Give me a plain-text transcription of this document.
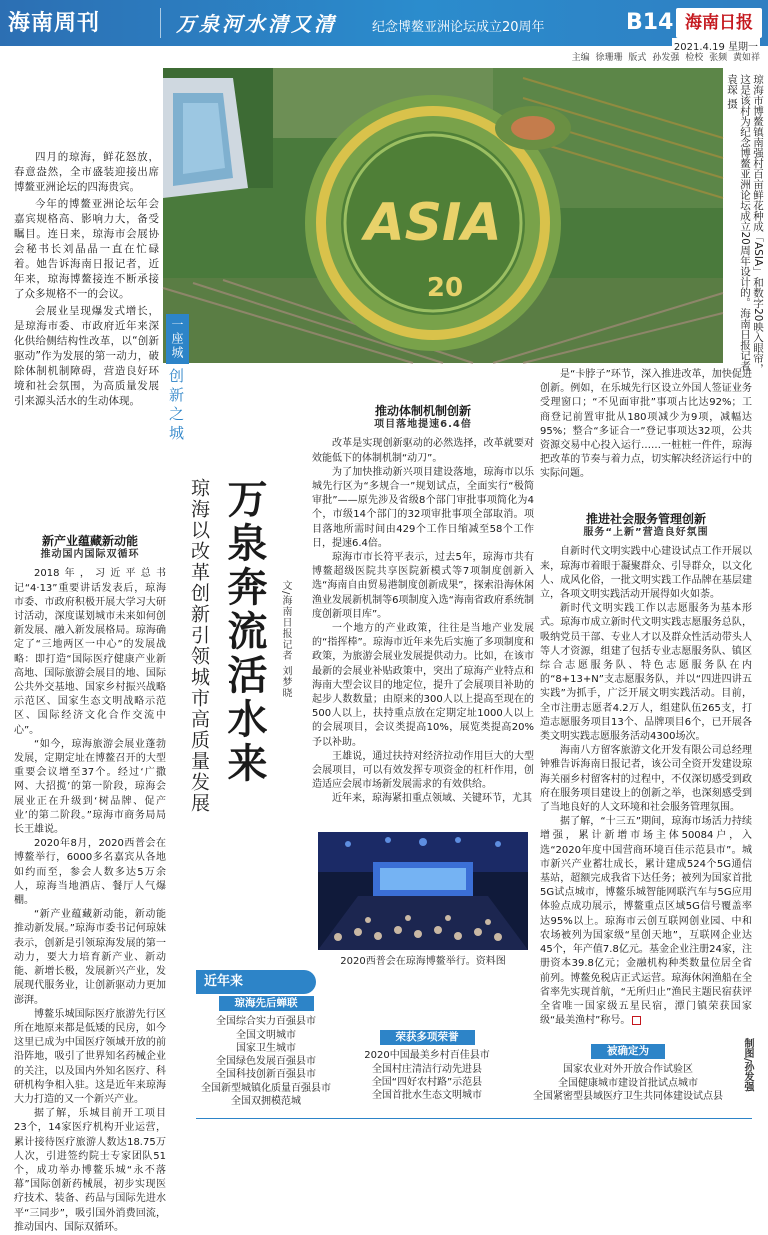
海南周刊	万泉河水清又清	纪念博鳌亚洲论坛成立20周年	B14 海南日报
2021.4.19 星期一
主编 徐珊珊 版式 孙发强 检校 张频 黄如祥
ASIA
20	琼海市博鳌镇南强村百亩鲜花种成「ASIA」和数字20映入眼帘，这是该村为纪念博鳌亚洲论坛成立20周年设计的。海南日报记者 袁琛 摄

四月的琼海，鲜花怒放，春意盎然，全市盛装迎接出席博鳌亚洲论坛的四海贵宾。

今年的博鳌亚洲论坛年会嘉宾规格高、影响力大，备受瞩目。连日来，琼海市会展协会秘书长刘晶晶一直在忙碌着。她告诉海南日报记者，近年来，琼海博鳌接连不断承接了众多规格不一的会议。

会展业呈现爆发式增长，是琼海市委、市政府近年来深化供给侧结构性改革，以“创新驱动”作为发展的第一动力，破除体制机制障碍，营造良好环境和社会氛围，为高质量发展引来源头活水的生动体现。

一座城
创新之城
万泉奔流活水来
琼海以改革创新引领城市高质量发展	文/海南日报记者 刘梦晓
新产业蕴藏新动能
推动国内国际双循环

2018年，习近平总书记“4·13”重要讲话发表后，琼海市委、市政府积极开展大学习大研讨活动，深度谋划城市未来如何创新发展、融入新发展格局。琼海确定了“三地两区一中心”的发展战略：即打造“国际医疗健康产业新高地、国际旅游会展目的地、国际公共外交基地、国家乡村振兴战略示范区、国家生态文明战略示范区、国际经济文化合作交流中心”。

“如今，琼海旅游会展业蓬勃发展，定期定址在博鳌召开的大型重要会议增至37个。经过‘广撒网、大招揽’的第一阶段，琼海会展业正在升级到‘树品牌、促产业’的第二阶段。”琼海市商务局局长王雄说。

2020年8月，2020西普会在博鳌举行，6000多名嘉宾从各地如约而至，参会人数多达5万余人，琼海当地酒店、餐厅人气爆棚。

“新产业蕴藏新动能，新动能推动新发展。”琼海市委书记何琼妹表示，创新是引领琼海发展的第一动力，要大力培育新产业、新动能、新增长极，发展新兴产业，发展现代服务业，让创新驱动力更加澎湃。

博鳌乐城国际医疗旅游先行区所在地原来都是低矮的民房，如今这里已成为中国医疗领域开放的前沿阵地，吸引了世界知名药械企业的关注，以及国内外知名医疗、科研机构争相入驻。这是近年来琼海大力打造的又一个新兴产业。

据了解，乐城目前开工项目23个，14家医疗机构开业运营，累计接待医疗旅游人数达18.75万人次，引进签约院士专家团队51个，成功举办博鳌乐城“永不落幕”国际创新药械展，初步实现医疗技术、装备、药品与国际先进水平“三同步”，吸引国外消费回流，推动国内、国际双循环。

推动体制机制创新
项目落地提速6.4倍

改革是实现创新驱动的必然选择，改革就要对效能低下的体制机制“动刀”。

为了加快推动新兴项目建设落地，琼海市以乐城先行区为“多规合一”规划试点，全面实行“极简审批”——原先涉及省级8个部门审批事项简化为4个，市级14个部门的32项审批事项全部取消。项目落地所需时间由429个工作日缩减至58个工作日，提速6.4倍。

琼海市市长符平表示，过去5年，琼海市共有博鳌超级医院共享医院新模式等7项制度创新入选“海南自由贸易港制度创新成果”，探索沿海休闲渔业发展新机制等6项制度入选“海南省政府系统制度创新项目库”。

一个地方的产业政策，往往是当地产业发展的“指挥棒”。琼海市近年来先后实施了多项制度和政策，为旅游会展业发展提供动力。比如，在该市最新的会展业补贴政策中，突出了琼海产业特点和海南大型会议目的地定位，提升了会展项目补助的起步人数数量；由原来的300人以上提高至现在的500人以上，扶持重点放在定期定址1000人以上的会展项目，会议类提高10%，展览类提高20%予以补助。

王雄说，通过扶持对经济拉动作用巨大的大型会展项目，可以有效发挥专项资金的杠杆作用，创造适应会展市场新发展需求的有效供给。

近年来，琼海紧扣重点领域、关键环节，尤其

2020西普会在琼海博鳌举行。资料图

是“卡脖子”环节，深入推进改革，加快促进创新。例如，在乐城先行区设立外国人签证业务受理窗口；“不见面审批”事项占比达92%；工商登记前置审批从180项减少为9项，减幅达95%；整合“多证合一”登记事项达32项，公共资源交易中心投入运行……一桩桩一件件，琼海把改革的节奏与着力点，切实解决经济运行中的实际问题。

推进社会服务管理创新
服务“上新”营造良好氛围

自新时代文明实践中心建设试点工作开展以来，琼海市着眼于凝聚群众、引导群众，以文化人、成风化俗，一批文明实践工作品牌在基层建立，各项文明实践活动开展得如火如荼。

新时代文明实践工作以志愿服务为基本形式。琼海市成立新时代文明实践志愿服务总队，吸纳党员干部、专业人才以及群众性活动带头人等人才资源，组建了包括专业志愿服务队、镇区综合志愿服务队、特色志愿服务队在内的“8+13+N”支志愿服务队，并以“四进四讲五实践”为抓手，广泛开展文明实践活动。目前，全市注册志愿者4.2万人，组建队伍265支，打造志愿服务项目13个、品牌项目6个，已开展各类文明实践志愿服务活动4300场次。

海南八方留客旅游文化开发有限公司总经理钟雅告诉海南日报记者，该公司全资开发建设琼海关丽乡村留客村的过程中，不仅深切感受到政府在服务项目建设上的创新之举，也深刻感受到了当地良好的人文环境和社会服务管理氛围。

据了解，“十三五”期间，琼海市场活力持续增强，累计新增市场主体50084户，入选“2020年度中国营商环境百佳示范县市”。城市新兴产业蓄壮成长，累计建成524个5G通信基站，超额完成我省下达任务；被列为国家首批5G试点城市，博鳌乐城智能网联汽车与5G应用体验点成功展示，博鳌重点区域5G信号覆盖率达95%以上。琼海市云创互联网创业园、中和农场被列为国家级“星创天地”，互联网企业达45个，年产值7.8亿元。基金企业注册24家，注册资本39.8亿元；金融机构种类数量位居全省前列。博鳌免税店正式运营。琼海休闲渔船在全省率先实现首航，“无所归止”渔民主题民宿获评全省唯一国家级五星民宿，潭门镇荣获国家级“最美渔村”称号。

近年来
琼海先后蝉联
全国综合实力百强县市
全国文明城市
国家卫生城市
全国绿色发展百强县市
全国科技创新百强县市
全国新型城镇化质量百强县市
全国双拥模范城
荣获多项荣誉
2020中国最美乡村百佳县市
全国村庄清洁行动先进县
全国“四好农村路”示范县
全国首批水生态文明城市
被确定为
国家农业对外开放合作试验区
全国健康城市建设首批试点城市
全国紧密型县域医疗卫生共同体建设试点县
制图/孙发强
